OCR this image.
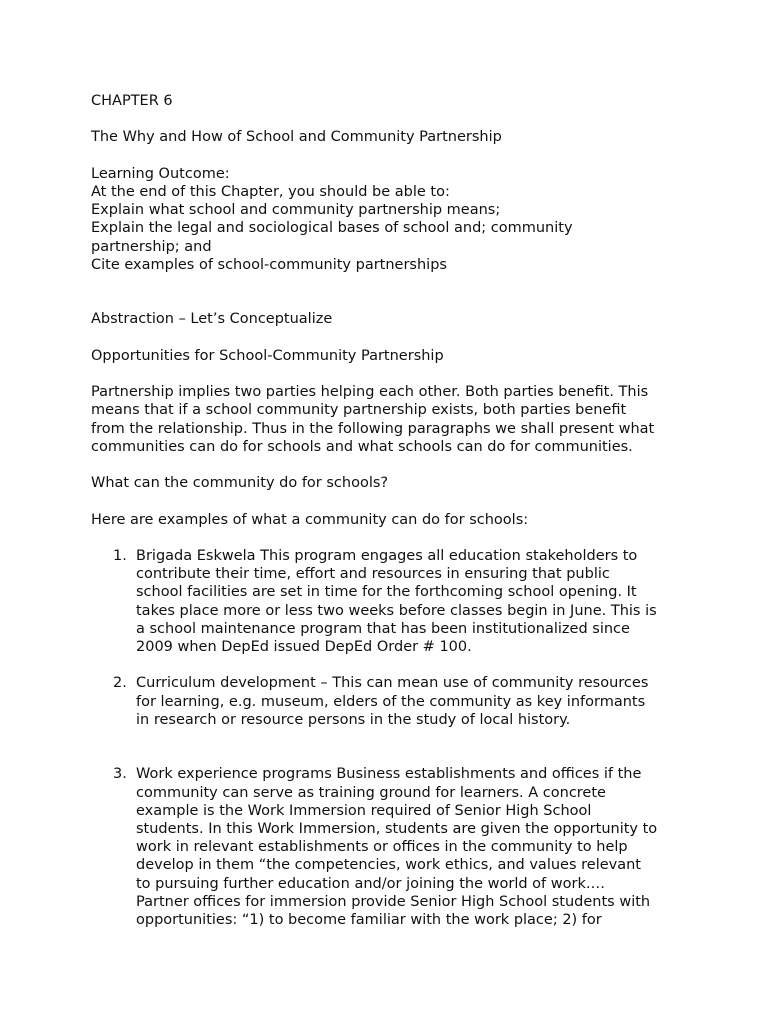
CHAPTER 6
The Why and How of School and Community Partnership
Learning Outcome:
At the end of this Chapter, you should be able to:
Explain what school and community partnership means;
Explain the legal and sociological bases of school and; community
partnership; and
Cite examples of school-community partnerships
Abstraction – Let’s Conceptualize
Opportunities for School-Community Partnership
Partnership implies two parties helping each other. Both parties benefit. This
means that if a school community partnership exists, both parties benefit
from the relationship. Thus in the following paragraphs we shall present what
communities can do for schools and what schools can do for communities.
What can the community do for schools?
Here are examples of what a community can do for schools:
1. Brigada Eskwela This program engages all education stakeholders to
contribute their time, effort and resources in ensuring that public
school facilities are set in time for the forthcoming school opening. It
takes place more or less two weeks before classes begin in June. This is
a school maintenance program that has been institutionalized since
2009 when DepEd issued DepEd Order # 100.
2. Curriculum development – This can mean use of community resources
for learning, e.g. museum, elders of the community as key informants
in research or resource persons in the study of local history.
3. Work experience programs Business establishments and offices if the
community can serve as training ground for learners. A concrete
example is the Work Immersion required of Senior High School
students. In this Work Immersion, students are given the opportunity to
work in relevant establishments or offices in the community to help
develop in them “the competencies, work ethics, and values relevant
to pursuing further education and/or joining the world of work.…
Partner offices for immersion provide Senior High School students with
opportunities: “1) to become familiar with the work place; 2) for
